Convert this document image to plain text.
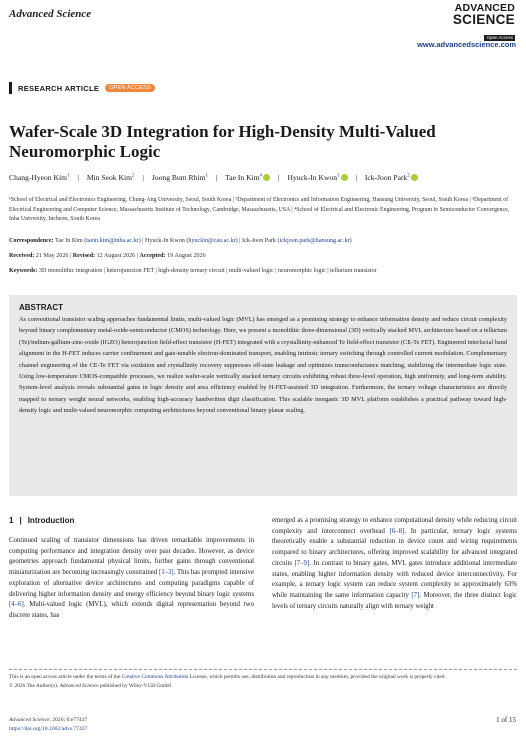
Advanced Science	ADVANCED
SCIENCE
Open Access
www.advancedscience.com
RESEARCH ARTICLE	OPEN ACCESS
Wafer-Scale 3D Integration for High-Density Multi-Valued Neuromorphic Logic
Chang-Hyeon Kim$^1$ | Min Seok Kim$^2$ | Joong Bum Rhim$^1$ | Tae In Kim$^4$ | Hyuck-In Kwon$^1$ | Ick-Joon Park$^2$
¹School of Electrical and Electronics Engineering, Chung-Ang University, Seoul, South Korea | ²Department of Electronics and Information Engineering, Hansung University, Seoul, South Korea | ³Department of Electrical Engineering and Computer Science, Massachusetts Institute of Technology, Cambridge, Massachusetts, USA | ⁴School of Electrical and Electronic Engineering, Program in Semiconductor Convergence, Inha University, Incheon, South Korea
Correspondence: Tae In Kim (taein.kim@inha.ac.kr) | Hyuck-In Kwon (hyuckin@cau.ac.kr) | Ick-Joon Park (ickjoon.park@hansung.ac.kr)
Received: 21 May 2026 | Revised: 12 August 2026 | Accepted: 19 August 2026
Keywords: 3D monolithic integration | heterojunction FET | high-density ternary circuit | multi-valued logic | neuromorphic logic | tellurium transistor
ABSTRACT

As conventional transistor scaling approaches fundamental limits, multi-valued logic (MVL) has emerged as a promising strategy to enhance information density and reduce circuit complexity beyond binary complementary metal-oxide-semiconductor (CMOS) technology. Here, we present a monolithic three-dimensional (3D) vertically stacked MVL architecture based on a tellurium (Te)/indium-gallium-zinc-oxide (IGZO) heterojunction field-effect transistor (H-FET) integrated with a crystallinity-enhanced Te field-effect transistor (CE-Te FET). Engineered interfacial band alignment in the H-FET induces carrier confinement and gate-tunable electron-dominated transport, enabling intrinsic ternary switching through controlled current modulation. Complementary channel engineering of the CE-Te FET via oxidation and crystallinity recovery suppresses off-state leakage and optimizes transconductance matching, stabilizing the intermediate logic state. Using low-temperature CMOS-compatible processes, we realize wafer-scale vertically stacked ternary circuits exhibiting robust three-level operation, high uniformity, and long-term stability. System-level analysis reveals substantial gains in logic density and area efficiency enabled by H-FET-assisted 3D integration. Furthermore, the ternary voltage characteristics are directly mapped to ternary weight neural networks, enabling high-accuracy handwritten digit classification. This scalable inorganic 3D MVL platform establishes a practical pathway toward high-density logic and multi-valued neuromorphic computing architectures beyond conventional binary planar scaling.

1 | Introduction

Continued scaling of transistor dimensions has driven remarkable improvements in computing performance and integration density over past decades. However, as device geometries approach fundamental physical limits, further gains through conventional miniaturization are becoming increasingly constrained [1–3]. This has prompted intensive exploration of alternative device architectures and computing paradigms capable of delivering higher information density and energy efficiency beyond binary logic systems [4–6]. Multi-valued logic (MVL), which extends digital representation beyond two discrete states, has

emerged as a promising strategy to enhance computational density while reducing circuit complexity and interconnect overhead [6–8]. In particular, ternary logic systems theoretically enable a substantial reduction in device count and wiring requirements compared to binary architectures, offering improved scalability for advanced integrated circuits [7–9]. In contrast to binary gates, MVL gates introduce additional intermediate states, enabling higher information density with reduced device interconnectivity. For example, a ternary logic system can reduce system complexity to approximately 63% while maintaining the same information capacity [7]. Moreover, the three distinct logic levels of ternary circuits naturally align with ternary weight

This is an open access article under the terms of the Creative Commons Attribution License, which permits use, distribution and reproduction in any medium, provided the original work is properly cited.
© 2026 The Author(s). Advanced Science published by Wiley-VCH GmbH
Advanced Science, 2026; 0:e77437
https://doi.org/10.1002/advs.77437
1 of 15
